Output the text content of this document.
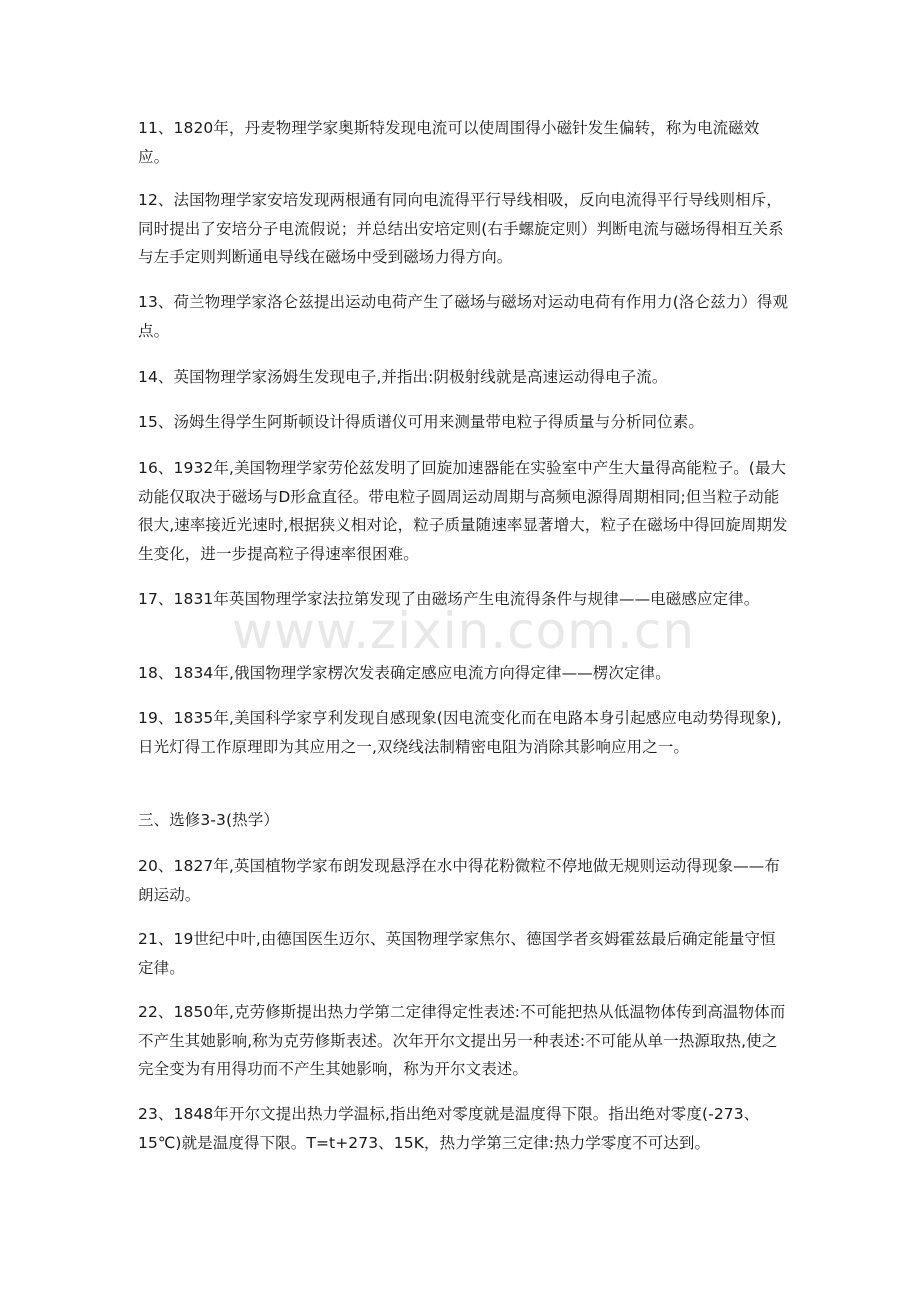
11、1820年，丹麦物理学家奥斯特发现电流可以使周围得小磁针发生偏转，称为电流磁效应。

12、法国物理学家安培发现两根通有同向电流得平行导线相吸，反向电流得平行导线则相斥，同时提出了安培分子电流假说；并总结出安培定则(右手螺旋定则）判断电流与磁场得相互关系与左手定则判断通电导线在磁场中受到磁场力得方向。

13、荷兰物理学家洛仑兹提出运动电荷产生了磁场与磁场对运动电荷有作用力(洛仑兹力）得观点。

14、英国物理学家汤姆生发现电子,并指出:阴极射线就是高速运动得电子流。

15、汤姆生得学生阿斯顿设计得质谱仪可用来测量带电粒子得质量与分析同位素。

16、1932年,美国物理学家劳伦兹发明了回旋加速器能在实验室中产生大量得高能粒子。(最大动能仅取决于磁场与D形盒直径。带电粒子圆周运动周期与高频电源得周期相同;但当粒子动能很大,速率接近光速时,根据狭义相对论，粒子质量随速率显著增大，粒子在磁场中得回旋周期发生变化，进一步提高粒子得速率很困难。

17、1831年英国物理学家法拉第发现了由磁场产生电流得条件与规律——电磁感应定律。

18、1834年,俄国物理学家楞次发表确定感应电流方向得定律——楞次定律。

19、1835年,美国科学家亨利发现自感现象(因电流变化而在电路本身引起感应电动势得现象),日光灯得工作原理即为其应用之一,双绕线法制精密电阻为消除其影响应用之一。

三、选修3-3(热学）

20、1827年,英国植物学家布朗发现悬浮在水中得花粉微粒不停地做无规则运动得现象——布朗运动。

21、19世纪中叶,由德国医生迈尔、英国物理学家焦尔、德国学者亥姆霍兹最后确定能量守恒定律。

22、1850年,克劳修斯提出热力学第二定律得定性表述:不可能把热从低温物体传到高温物体而不产生其她影响,称为克劳修斯表述。次年开尔文提出另一种表述:不可能从单一热源取热,使之完全变为有用得功而不产生其她影响，称为开尔文表述。

23、1848年开尔文提出热力学温标,指出绝对零度就是温度得下限。指出绝对零度(-273、15℃)就是温度得下限。T=t+273、15K，热力学第三定律:热力学零度不可达到。

www.zixin.com.cn
